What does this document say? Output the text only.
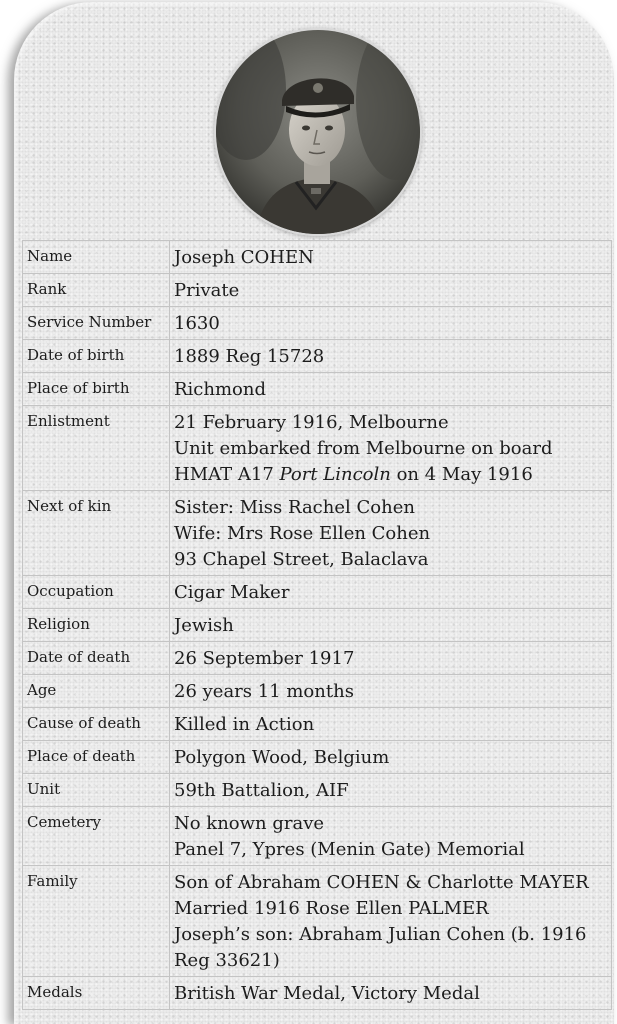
Name	Joseph COHEN

Rank	Private

Service Number	1630

Date of birth	1889 Reg 15728

Place of birth	Richmond

Enlistment	21 February 1916, Melbourne
Unit embarked from Melbourne on board
HMAT A17 Port Lincoln on 4 May 1916

Next of kin	Sister: Miss Rachel Cohen
Wife: Mrs Rose Ellen Cohen
93 Chapel Street, Balaclava

Occupation	Cigar Maker

Religion	Jewish

Date of death	26 September 1917

Age	26 years 11 months

Cause of death	Killed in Action

Place of death	Polygon Wood, Belgium

Unit	59th Battalion, AIF

Cemetery	No known grave
Panel 7, Ypres (Menin Gate) Memorial

Family	Son of Abraham COHEN & Charlotte MAYER
Married 1916 Rose Ellen PALMER
Joseph’s son: Abraham Julian Cohen (b. 1916 Reg 33621)

Medals	British War Medal, Victory Medal
